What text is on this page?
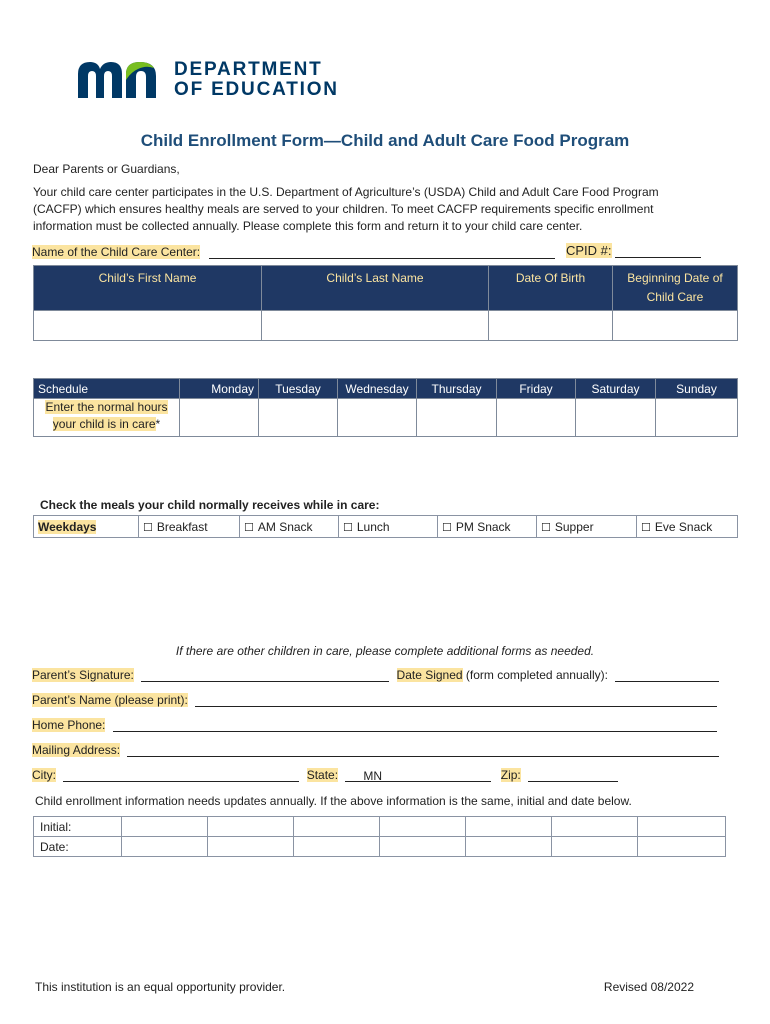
DEPARTMENT
OF EDUCATION
Child Enrollment Form—Child and Adult Care Food Program
Dear Parents or Guardians,
Your child care center participates in the U.S. Department of Agriculture’s (USDA) Child and Adult Care Food Program
(CACFP) which ensures healthy meals are served to your children. To meet CACFP requirements specific enrollment
information must be collected annually. Please complete this form and return it to your child care center.
Name of the Child Care Center:	CPID #:
Child’s First Name	Child’s Last Name	Date Of Birth	Beginning Date of Child Care

Schedule	Monday	Tuesday	Wednesday	Thursday	Friday	Saturday	Sunday
Enter the normal hours your child is in care*							
Check the meals your child normally receives while in care:
Weekdays	☐ Breakfast	☐ AM Snack	☐ Lunch	☐ PM Snack	☐ Supper	☐ Eve Snack
If there are other children in care, please complete additional forms as needed.
Parent’s Signature:	Date Signed (form completed annually):
Parent’s Name (please print):
Home Phone:
Mailing Address:
City:	State: MN	Zip:
Child enrollment information needs updates annually. If the above information is the same, initial and date below.
Initial:							
Date:							
This institution is an equal opportunity provider.	Revised 08/2022
